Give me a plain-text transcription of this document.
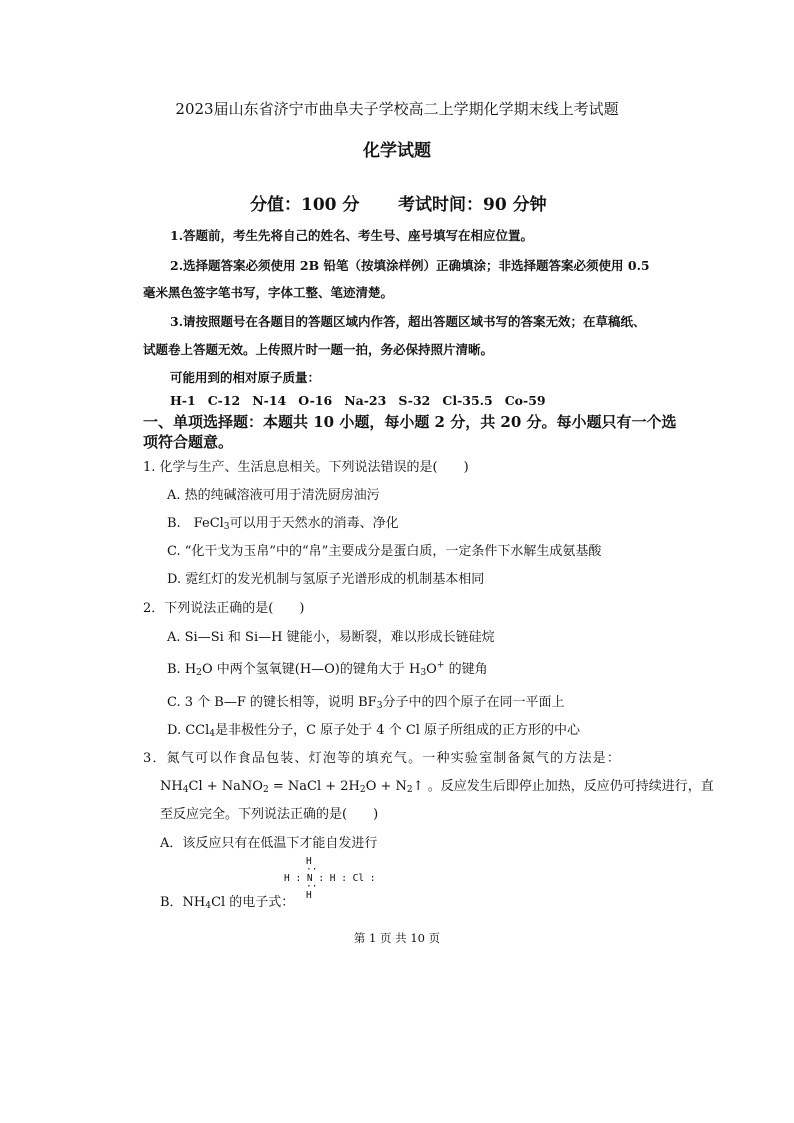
2023届山东省济宁市曲阜夫子学校高二上学期化学期末线上考试题
化学试题
分值：100 分 考试时间：90 分钟
1.答题前，考生先将自己的姓名、考生号、座号填写在相应位置。
2.选择题答案必须使用 2B 铅笔（按填涂样例）正确填涂；非选择题答案必须使用 0.5
毫米黑色签字笔书写，字体工整、笔迹清楚。
3.请按照题号在各题目的答题区域内作答，超出答题区域书写的答案无效；在草稿纸、
试题卷上答题无效。上传照片时一题一拍，务必保持照片清晰。
可能用到的相对原子质量：
H-1 C-12 N-14 O-16 Na-23 S-32 Cl-35.5 Co-59
一、单项选择题：本题共 10 小题，每小题 2 分，共 20 分。每小题只有一个选
项符合题意。
1. 化学与生产、生活息息相关。下列说法错误的是(　　)
A. 热的纯碱溶液可用于清洗厨房油污
B.　FeCl$_3$可以用于天然水的消毒、净化
C. “化干戈为玉帛”中的“帛”主要成分是蛋白质，一定条件下水解生成氨基酸
D. 霓红灯的发光机制与氢原子光谱形成的机制基本相同
2．下列说法正确的是(　　)
A. Si—Si 和 Si—H 键能小，易断裂，难以形成长链硅烷
B. $H_2O$ 中两个氢氧键(H—O)的键角大于 $H_3O^+$ 的键角
C. 3 个 B—F 的键长相等，说明 $BF_3$分子中的四个原子在同一平面上
D. CCl$_4$是非极性分子，C 原子处于 4 个 Cl 原子所组成的正方形的中心
3．氮气可以作食品包装、灯泡等的填充气。一种实验室制备氮气的方法是：
$NH_4Cl$ + NaNO$_2$ = NaCl + $2H_2O$ + $N_2↑$ 。反应发生后即停止加热，反应仍可持续进行，直
至反应完全。下列说法正确的是(　　)
A．该反应只有在低温下才能自发进行
H
··
H : N : H : Cl :
··
H
B．$NH_4Cl$ 的电子式：
第 1 页 共 10 页
